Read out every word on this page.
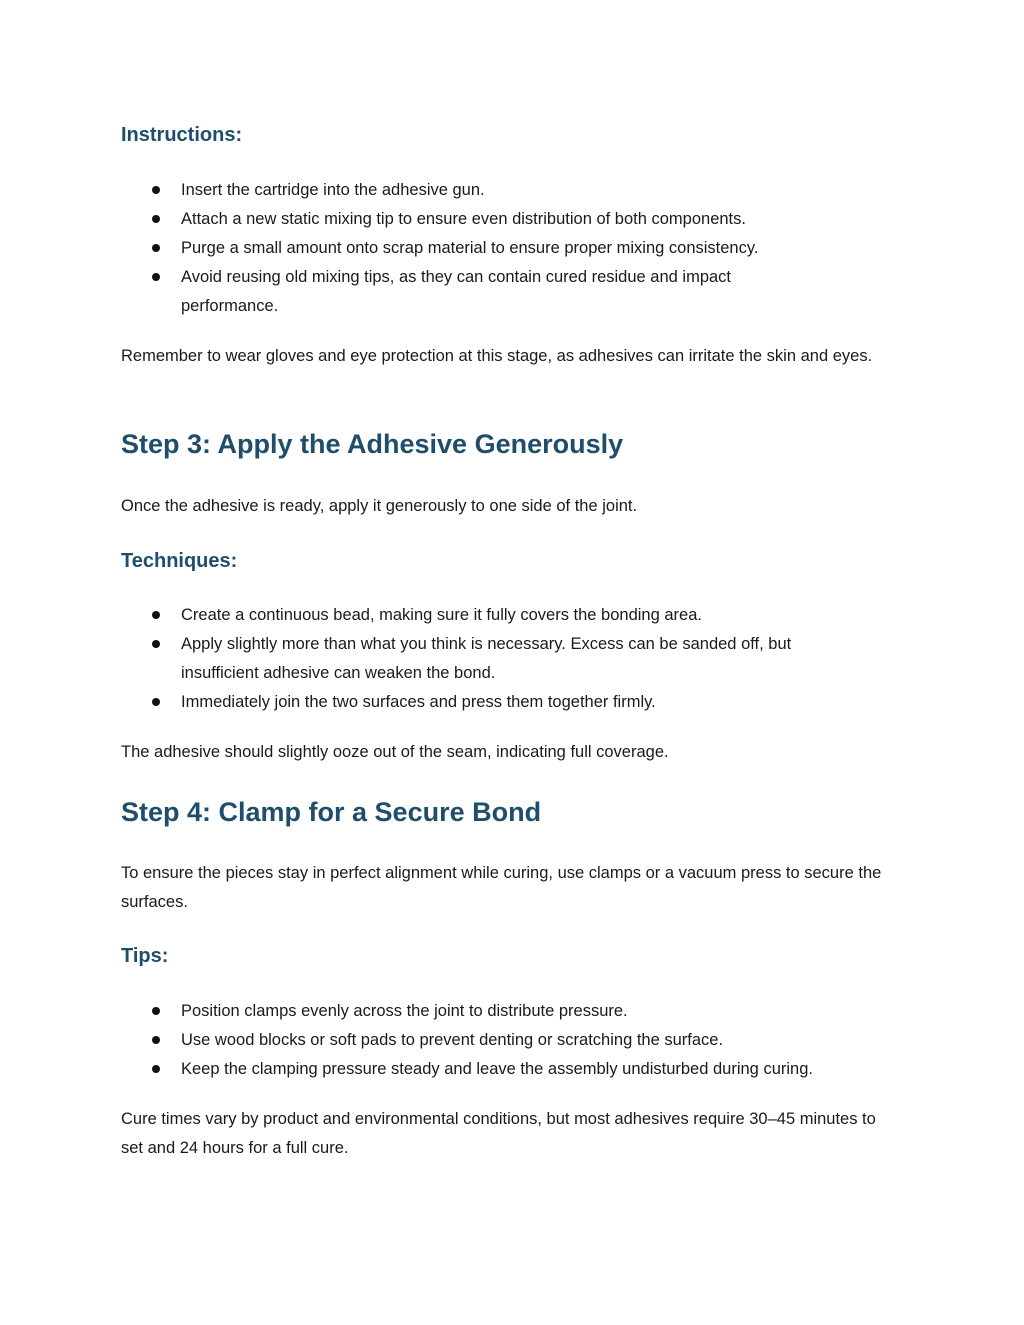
Instructions:
Insert the cartridge into the adhesive gun.
Attach a new static mixing tip to ensure even distribution of both components.
Purge a small amount onto scrap material to ensure proper mixing consistency.
Avoid reusing old mixing tips, as they can contain cured residue and impact performance.

Remember to wear gloves and eye protection at this stage, as adhesives can irritate the skin and eyes.

Step 3: Apply the Adhesive Generously

Once the adhesive is ready, apply it generously to one side of the joint.

Techniques:
Create a continuous bead, making sure it fully covers the bonding area.
Apply slightly more than what you think is necessary. Excess can be sanded off, but insufficient adhesive can weaken the bond.
Immediately join the two surfaces and press them together firmly.

The adhesive should slightly ooze out of the seam, indicating full coverage.

Step 4: Clamp for a Secure Bond

To ensure the pieces stay in perfect alignment while curing, use clamps or a vacuum press to secure the surfaces.

Tips:
Position clamps evenly across the joint to distribute pressure.
Use wood blocks or soft pads to prevent denting or scratching the surface.
Keep the clamping pressure steady and leave the assembly undisturbed during curing.

Cure times vary by product and environmental conditions, but most adhesives require 30–45 minutes to set and 24 hours for a full cure.
